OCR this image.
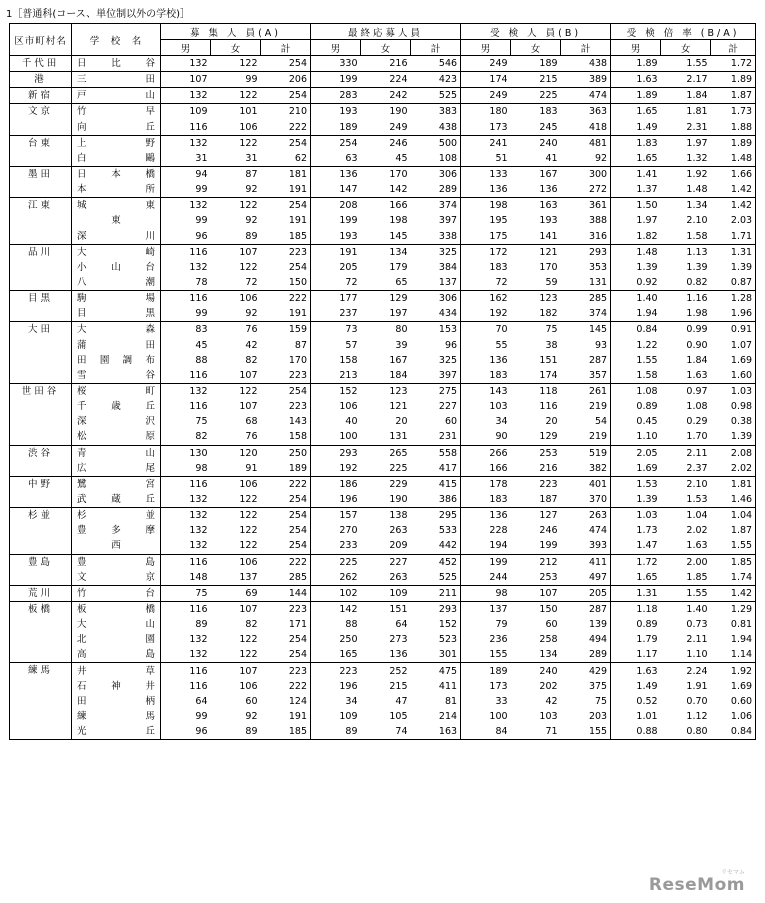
1［普通科(コース、単位制以外の学校)］
区市町村名	学　校　名	募 集 人 員(A)			最終応募人員			受 検 人 員(B)			受 検 倍 率 (B/A)		
		男	女	計	男	女	計	男	女	計	男	女	計
千代田	日 比 谷	132	122	254	330	216	546	249	189	438	1.89	1.55	1.72
港	三 田	107	99	206	199	224	423	174	215	389	1.63	2.17	1.89
新宿	戸 山	132	122	254	283	242	525	249	225	474	1.89	1.84	1.87
文京	竹 早	109	101	210	193	190	383	180	183	363	1.65	1.81	1.73

	向 丘	116	106	222	189	249	438	173	245	418	1.49	2.31	1.88
台東	上 野	132	122	254	254	246	500	241	240	481	1.83	1.97	1.89

	白 鷗	31	31	62	63	45	108	51	41	92	1.65	1.32	1.48
墨田	日 本 橋	94	87	181	136	170	306	133	167	300	1.41	1.92	1.66

	本 所	99	92	191	147	142	289	136	136	272	1.37	1.48	1.42
江東	城 東	132	122	254	208	166	374	198	163	361	1.50	1.34	1.42

	東	99	92	191	199	198	397	195	193	388	1.97	2.10	2.03

	深 川	96	89	185	193	145	338	175	141	316	1.82	1.58	1.71
品川	大 崎	116	107	223	191	134	325	172	121	293	1.48	1.13	1.31

	小 山 台	132	122	254	205	179	384	183	170	353	1.39	1.39	1.39

	八 潮	78	72	150	72	65	137	72	59	131	0.92	0.82	0.87
目黒	駒 場	116	106	222	177	129	306	162	123	285	1.40	1.16	1.28

	目 黒	99	92	191	237	197	434	192	182	374	1.94	1.98	1.96
大田	大 森	83	76	159	73	80	153	70	75	145	0.84	0.99	0.91

	蒲 田	45	42	87	57	39	96	55	38	93	1.22	0.90	1.07

	田 園 調 布	88	82	170	158	167	325	136	151	287	1.55	1.84	1.69

	雪 谷	116	107	223	213	184	397	183	174	357	1.58	1.63	1.60
世田谷	桜 町	132	122	254	152	123	275	143	118	261	1.08	0.97	1.03

	千 歳 丘	116	107	223	106	121	227	103	116	219	0.89	1.08	0.98

	深 沢	75	68	143	40	20	60	34	20	54	0.45	0.29	0.38

	松 原	82	76	158	100	131	231	90	129	219	1.10	1.70	1.39
渋谷	青 山	130	120	250	293	265	558	266	253	519	2.05	2.11	2.08

	広 尾	98	91	189	192	225	417	166	216	382	1.69	2.37	2.02
中野	鷺 宮	116	106	222	186	229	415	178	223	401	1.53	2.10	1.81

	武 蔵 丘	132	122	254	196	190	386	183	187	370	1.39	1.53	1.46
杉並	杉 並	132	122	254	157	138	295	136	127	263	1.03	1.04	1.04

	豊 多 摩	132	122	254	270	263	533	228	246	474	1.73	2.02	1.87

	西	132	122	254	233	209	442	194	199	393	1.47	1.63	1.55
豊島	豊 島	116	106	222	225	227	452	199	212	411	1.72	2.00	1.85

	文 京	148	137	285	262	263	525	244	253	497	1.65	1.85	1.74
荒川	竹 台	75	69	144	102	109	211	98	107	205	1.31	1.55	1.42
板橋	板 橋	116	107	223	142	151	293	137	150	287	1.18	1.40	1.29

	大 山	89	82	171	88	64	152	79	60	139	0.89	0.73	0.81

	北 園	132	122	254	250	273	523	236	258	494	1.79	2.11	1.94

	高 島	132	122	254	165	136	301	155	134	289	1.17	1.10	1.14
練馬	井 草	116	107	223	223	252	475	189	240	429	1.63	2.24	1.92

	石 神 井	116	106	222	196	215	411	173	202	375	1.49	1.91	1.69

	田 柄	64	60	124	34	47	81	33	42	75	0.52	0.70	0.60

	練 馬	99	92	191	109	105	214	100	103	203	1.01	1.12	1.06

	光 丘	96	89	185	89	74	163	84	71	155	0.88	0.80	0.84
ReseMom
リセマム
